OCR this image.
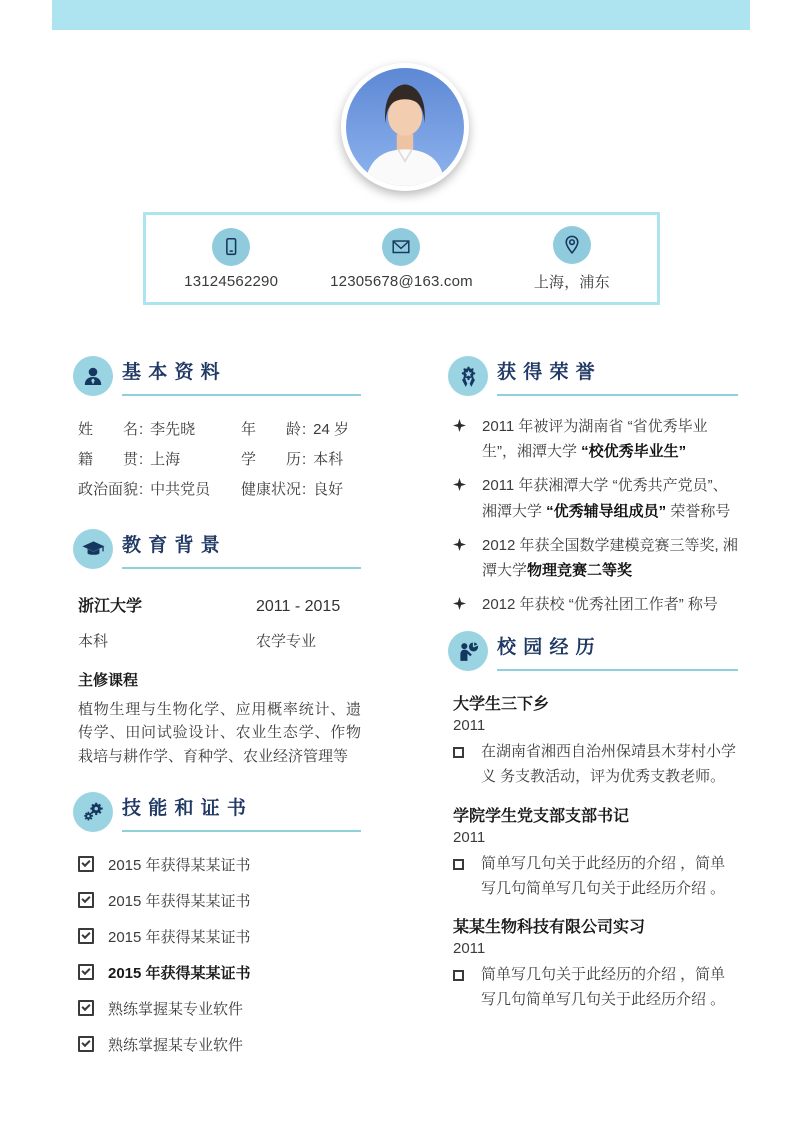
13124562290	12305678@163.com	上海，浦东
基本资料
姓名: 李先晓	年龄: 24 岁
籍贯: 上海	学历: 本科
政治面貌: 中共党员	健康状况: 良好
教育背景
浙江大学	2011 - 2015
本科	农学专业
主修课程

植物生理与生物化学、应用概率统计、遗传学、田问试验设计、农业生态学、作物栽培与耕作学、育种学、农业经济管理等

技能和证书
2015 年获得某某证书
2015 年获得某某证书
2015 年获得某某证书
2015 年获得某某证书
熟练掌握某专业软件
熟练掌握某专业软件
获得荣誉

2011 年被评为湖南省 “省优秀毕业生”，湘潭大学 “校优秀毕业生”

2011 年获湘潭大学 “优秀共产党员”、湘潭大学 “优秀辅导组成员” 荣誉称号

2012 年获全国数学建模竞赛三等奖, 湘潭大学物理竞赛二等奖

2012 年获校 “优秀社团工作者” 称号

校园经历
大学生三下乡
2011

在湖南省湘西自治州保靖县木芽村小学义 务支教活动，评为优秀支教老师。

学院学生党支部支部书记
2011

简单写几句关于此经历的介绍 ，简单写几句简单写几句关于此经历介绍 。

某某生物科技有限公司实习
2011

简单写几句关于此经历的介绍 ，简单写几句简单写几句关于此经历介绍 。
